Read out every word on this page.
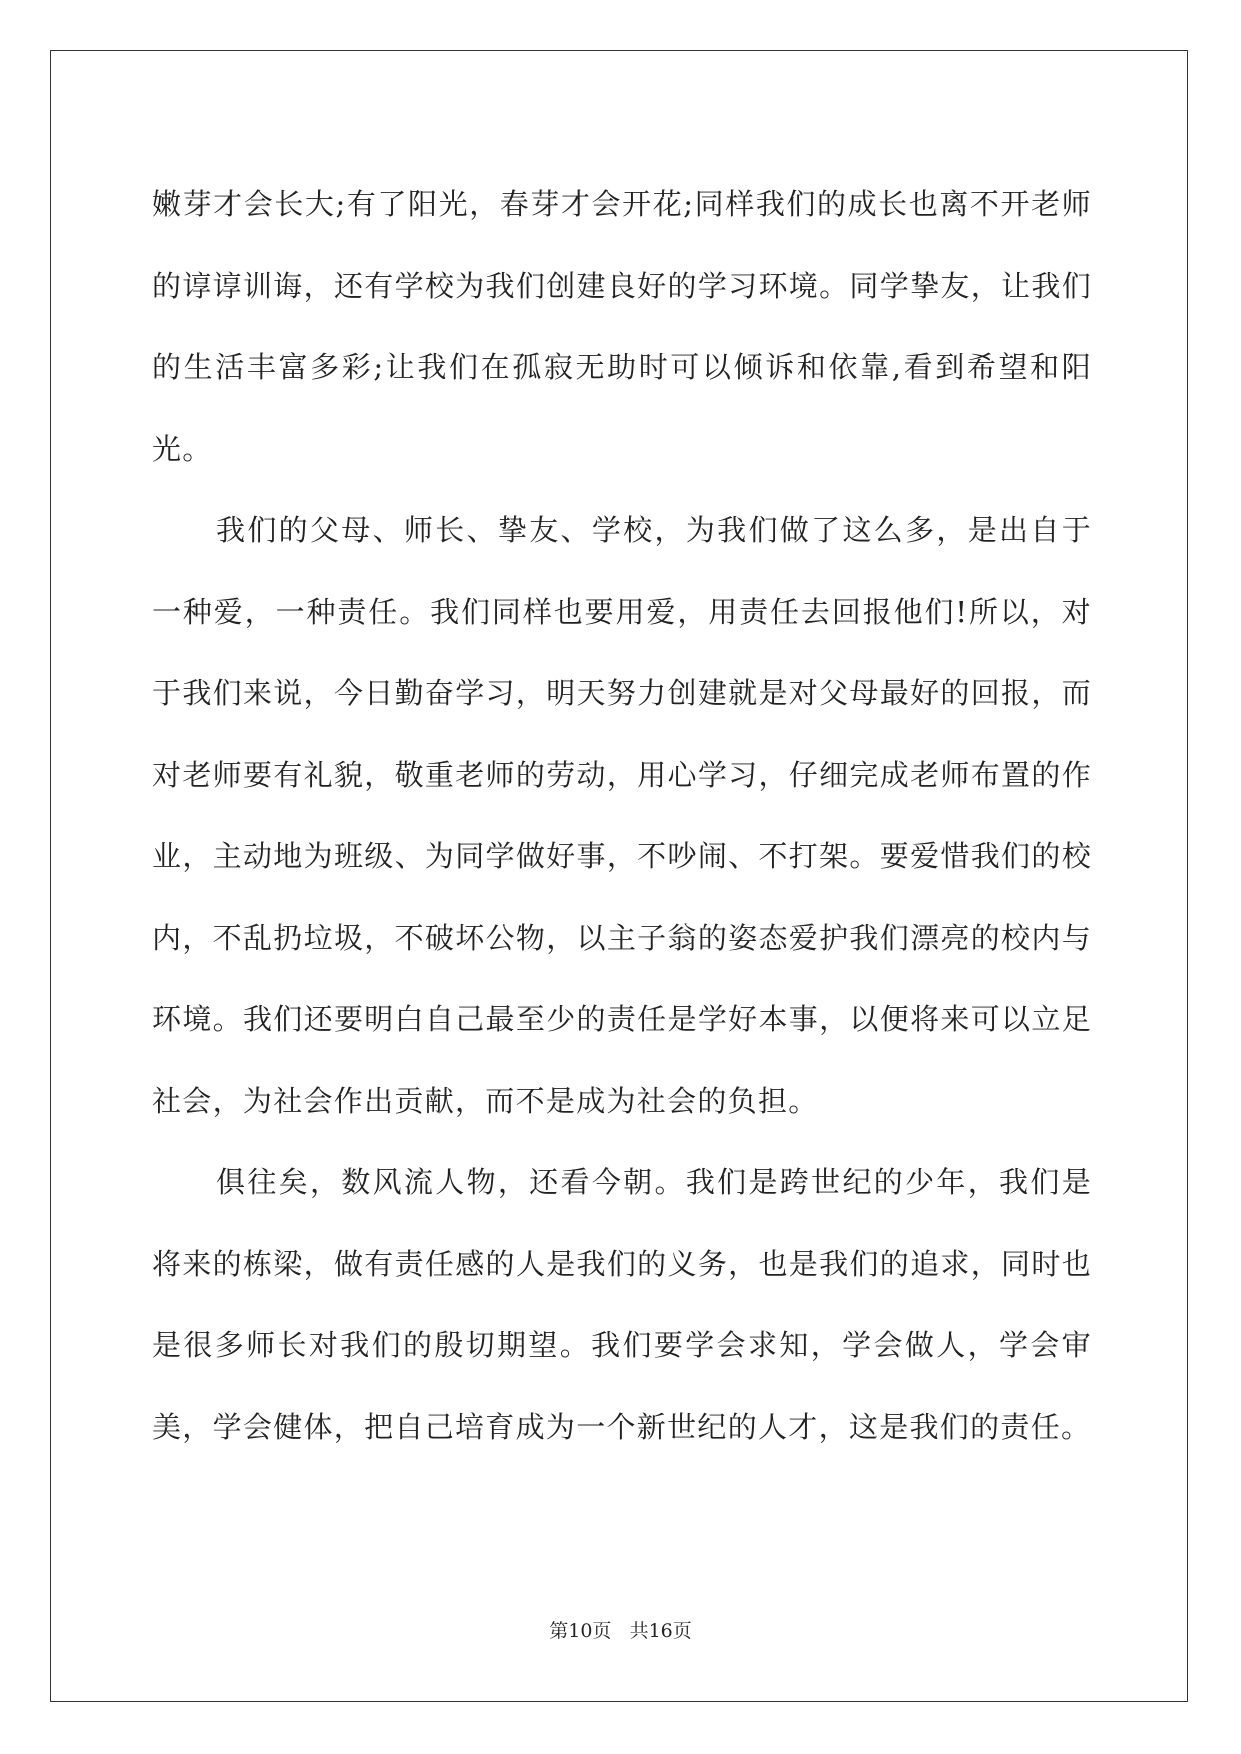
嫩芽才会长大;有了阳光，春芽才会开花;同样我们的成长也离不开老师的谆谆训诲，还有学校为我们创建良好的学习环境。同学挚友，让我们的生活丰富多彩;让我们在孤寂无助时可以倾诉和依靠,看到希望和阳光。

我们的父母、师长、挚友、学校，为我们做了这么多，是出自于一种爱，一种责任。我们同样也要用爱，用责任去回报他们!所以，对于我们来说，今日勤奋学习，明天努力创建就是对父母最好的回报，而对老师要有礼貌，敬重老师的劳动，用心学习，仔细完成老师布置的作业，主动地为班级、为同学做好事，不吵闹、不打架。要爱惜我们的校内，不乱扔垃圾，不破坏公物，以主子翁的姿态爱护我们漂亮的校内与环境。我们还要明白自己最至少的责任是学好本事，以便将来可以立足社会，为社会作出贡献，而不是成为社会的负担。

俱往矣，数风流人物，还看今朝。我们是跨世纪的少年，我们是将来的栋梁，做有责任感的人是我们的义务，也是我们的追求，同时也是很多师长对我们的殷切期望。我们要学会求知，学会做人，学会审美，学会健体，把自己培育成为一个新世纪的人才，这是我们的责任。

第10页 共16页
